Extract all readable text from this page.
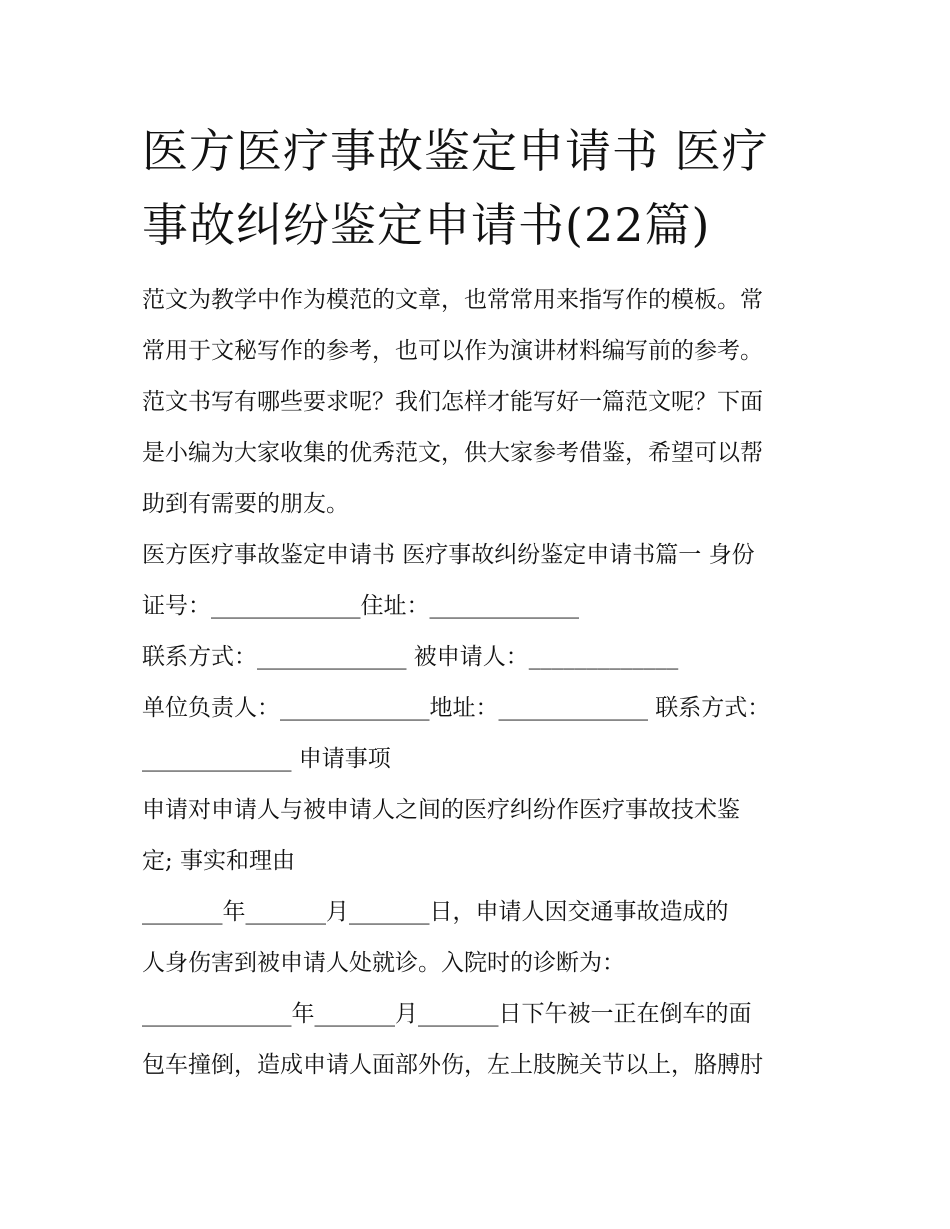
医方医疗事故鉴定申请书 医疗
事故纠纷鉴定申请书(22篇)
范文为教学中作为模范的文章，也常常用来指写作的模板。常
常用于文秘写作的参考，也可以作为演讲材料编写前的参考。
范文书写有哪些要求呢？我们怎样才能写好一篇范文呢？下面
是小编为大家收集的优秀范文，供大家参考借鉴，希望可以帮
助到有需要的朋友。
医方医疗事故鉴定申请书 医疗事故纠纷鉴定申请书篇一 身份
证号：_____________住址：_____________
联系方式：_____________ 被申请人：_____________
单位负责人：_____________地址：_____________ 联系方式：
_____________ 申请事项
申请对申请人与被申请人之间的医疗纠纷作医疗事故技术鉴
定; 事实和理由
_______年_______月_______日，申请人因交通事故造成的
人身伤害到被申请人处就诊。入院时的诊断为：
_____________年_______月_______日下午被一正在倒车的面
包车撞倒，造成申请人面部外伤，左上肢腕关节以上，胳膊肘
